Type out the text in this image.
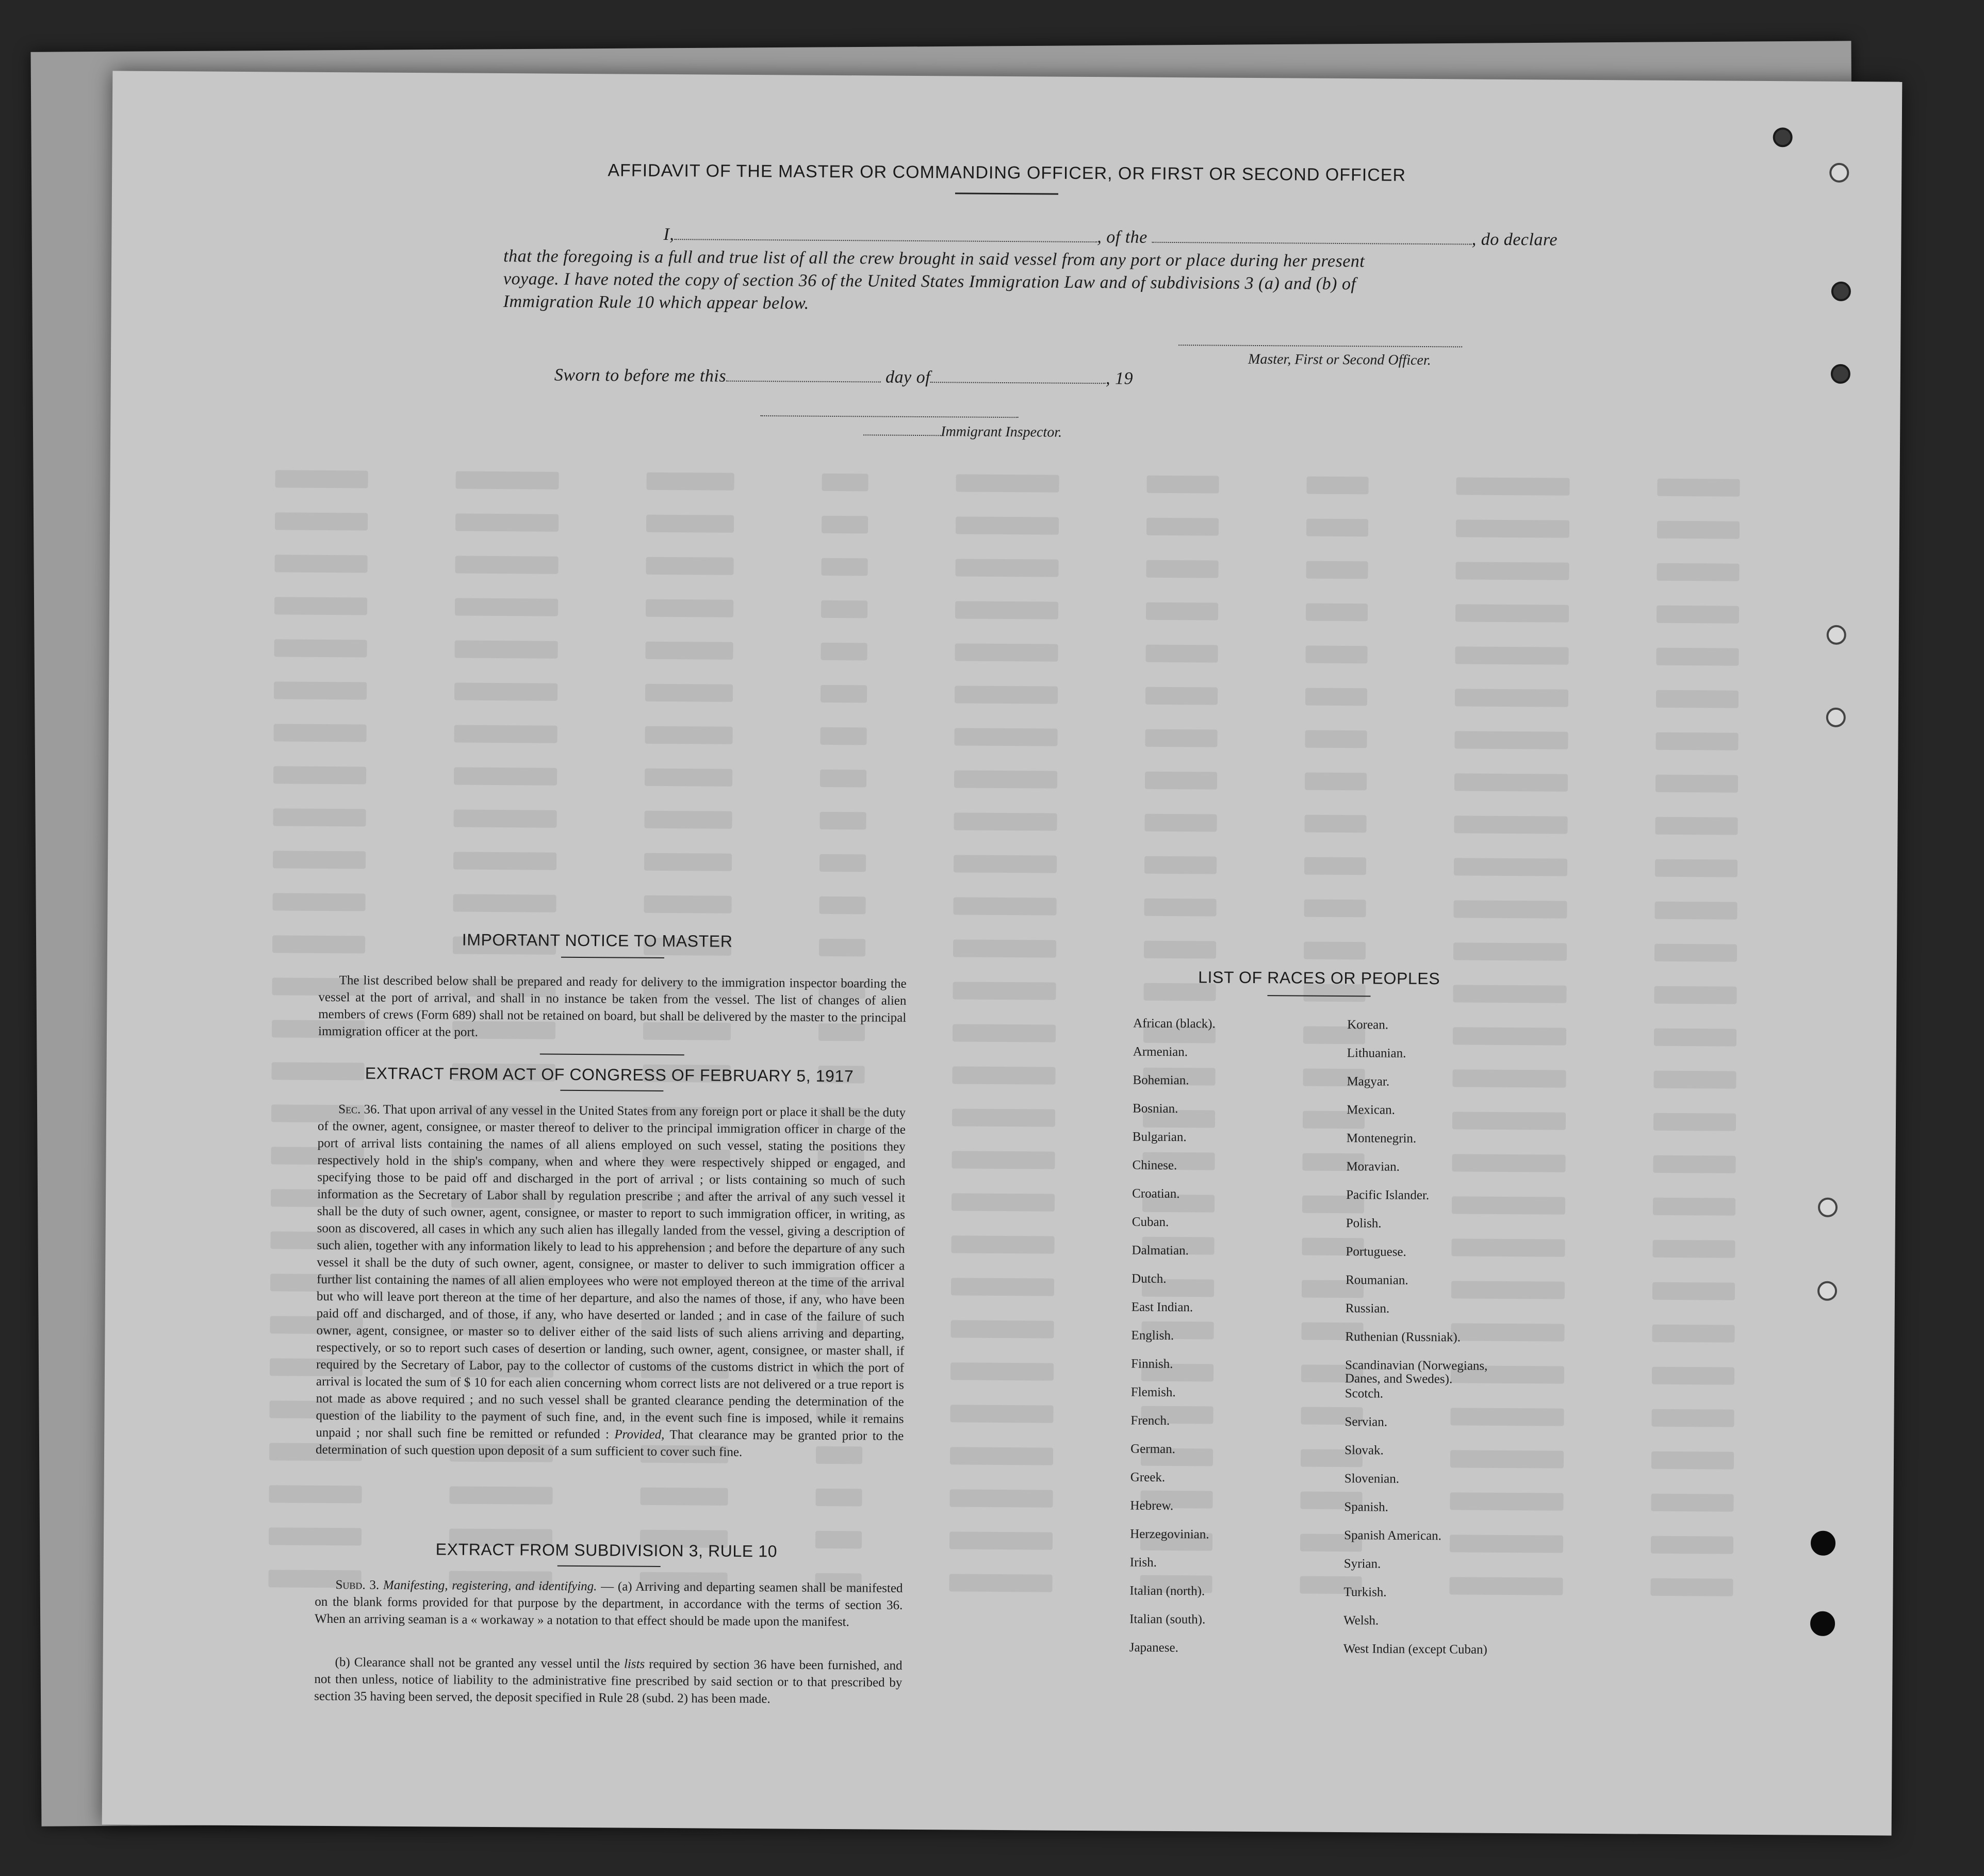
AFFIDAVIT OF THE MASTER OR COMMANDING OFFICER, OR FIRST OR SECOND OFFICER
I,	, of the	, do declare
that the foregoing is a full and true list of all the crew brought in said vessel from any port or place during her present
voyage. I have noted the copy of section 36 of the United States Immigration Law and of subdivisions 3 (a) and (b) of
Immigration Rule 10 which appear below.
Master, First or Second Officer.
Sworn to before me this	day of	, 19
Immigrant Inspector.
IMPORTANT NOTICE TO MASTER
The list described below shall be prepared and ready for delivery to the immigration inspector boarding the vessel at the port of arrival, and shall in no instance be taken from the vessel. The list of changes of alien members of crews (Form 689) shall not be retained on board, but shall be delivered by the master to the principal immigration officer at the port.
EXTRACT FROM ACT OF CONGRESS OF FEBRUARY 5, 1917
Sec. 36. That upon arrival of any vessel in the United States from any foreign port or place it shall be the duty of the owner, agent, consignee, or master thereof to deliver to the principal immigration officer in charge of the port of arrival lists containing the names of all aliens employed on such vessel, stating the positions they respectively hold in the ship's company, when and where they were respectively shipped or engaged, and specifying those to be paid off and discharged in the port of arrival ; or lists containing so much of such information as the Secretary of Labor shall by regulation prescribe ; and after the arrival of any such vessel it shall be the duty of such owner, agent, consignee, or master to report to such immigration officer, in writing, as soon as discovered, all cases in which any such alien has illegally landed from the vessel, giving a description of such alien, together with any information likely to lead to his apprehension ; and before the departure of any such vessel it shall be the duty of such owner, agent, consignee, or master to deliver to such immigration officer a further list containing the names of all alien employees who were not employed thereon at the time of the arrival but who will leave port thereon at the time of her departure, and also the names of those, if any, who have been paid off and discharged, and of those, if any, who have deserted or landed ; and in case of the failure of such owner, agent, consignee, or master so to deliver either of the said lists of such aliens arriving and departing, respectively, or so to report such cases of desertion or landing, such owner, agent, consignee, or master shall, if required by the Secretary of Labor, pay to the collector of customs of the customs district in which the port of arrival is located the sum of $ 10 for each alien concerning whom correct lists are not delivered or a true report is not made as above required ; and no such vessel shall be granted clearance pending the determination of the question of the liability to the payment of such fine, and, in the event such fine is imposed, while it remains unpaid ; nor shall such fine be remitted or refunded : Provided, That clearance may be granted prior to the determination of such question upon deposit of a sum sufficient to cover such fine.
EXTRACT FROM SUBDIVISION 3, RULE 10
Subd. 3. Manifesting, registering, and identifying. — (a) Arriving and departing seamen shall be manifested on the blank forms provided for that purpose by the department, in accordance with the terms of section 36. When an arriving seaman is a « workaway » a notation to that effect should be made upon the manifest.
(b) Clearance shall not be granted any vessel until the lists required by section 36 have been furnished, and not then unless, notice of liability to the administrative fine prescribed by said section or to that prescribed by section 35 having been served, the deposit specified in Rule 28 (subd. 2) has been made.
LIST OF RACES OR PEOPLES
African (black).
Armenian.
Bohemian.
Bosnian.
Bulgarian.
Chinese.
Croatian.
Cuban.
Dalmatian.
Dutch.
East Indian.
English.
Finnish.
Flemish.
French.
German.
Greek.
Hebrew.
Herzegovinian.
Irish.
Italian (north).
Italian (south).
Japanese.
Korean.
Lithuanian.
Magyar.
Mexican.
Montenegrin.
Moravian.
Pacific Islander.
Polish.
Portuguese.
Roumanian.
Russian.
Ruthenian (Russniak).
Scandinavian (Norwegians, Danes, and Swedes).
Scotch.
Servian.
Slovak.
Slovenian.
Spanish.
Spanish American.
Syrian.
Turkish.
Welsh.
West Indian (except Cuban)
